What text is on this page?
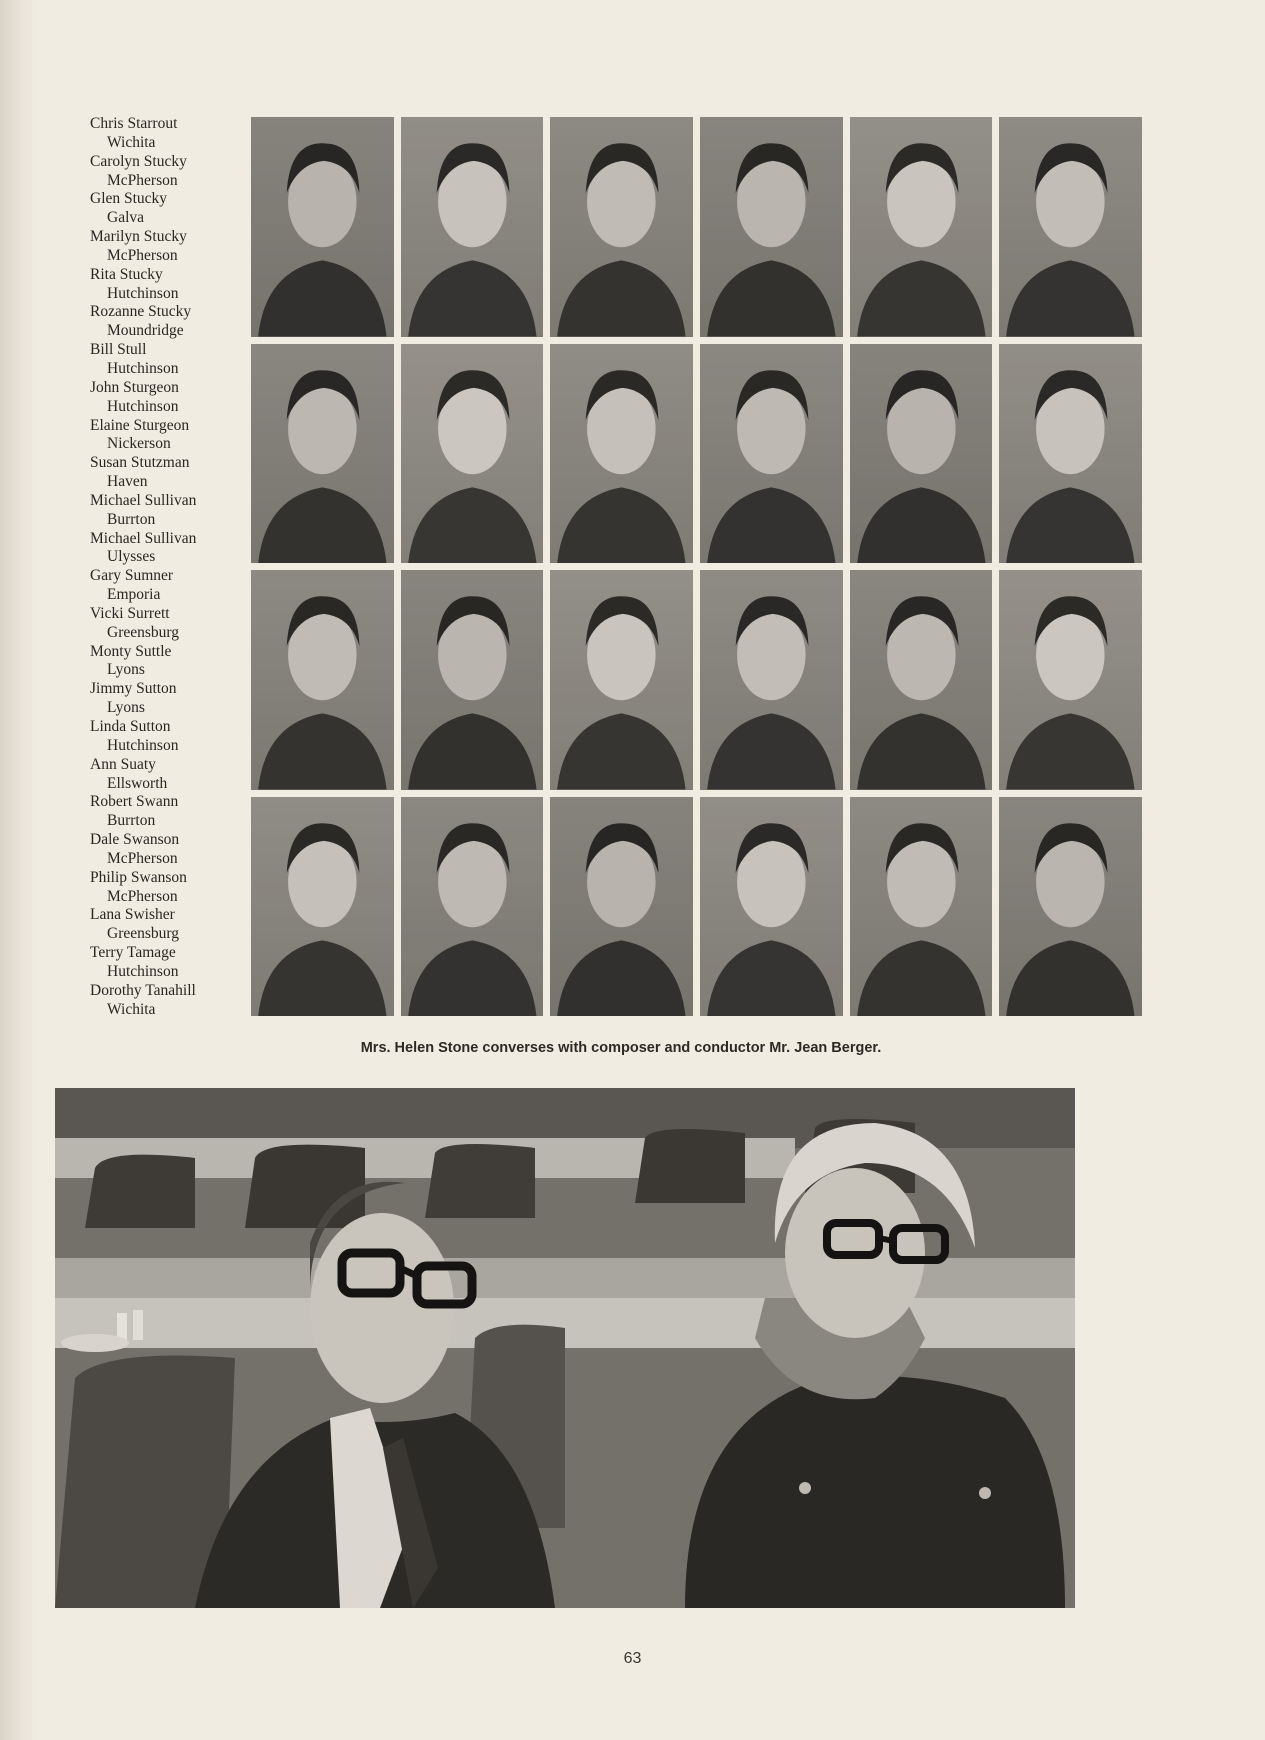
Chris Starrout
Wichita
Carolyn Stucky
McPherson
Glen Stucky
Galva
Marilyn Stucky
McPherson
Rita Stucky
Hutchinson
Rozanne Stucky
Moundridge
Bill Stull
Hutchinson
John Sturgeon
Hutchinson
Elaine Sturgeon
Nickerson
Susan Stutzman
Haven
Michael Sullivan
Burrton
Michael Sullivan
Ulysses
Gary Sumner
Emporia
Vicki Surrett
Greensburg
Monty Suttle
Lyons
Jimmy Sutton
Lyons
Linda Sutton
Hutchinson
Ann Suaty
Ellsworth
Robert Swann
Burrton
Dale Swanson
McPherson
Philip Swanson
McPherson
Lana Swisher
Greensburg
Terry Tamage
Hutchinson
Dorothy Tanahill
Wichita
Mrs. Helen Stone converses with composer and conductor Mr. Jean Berger.
63
